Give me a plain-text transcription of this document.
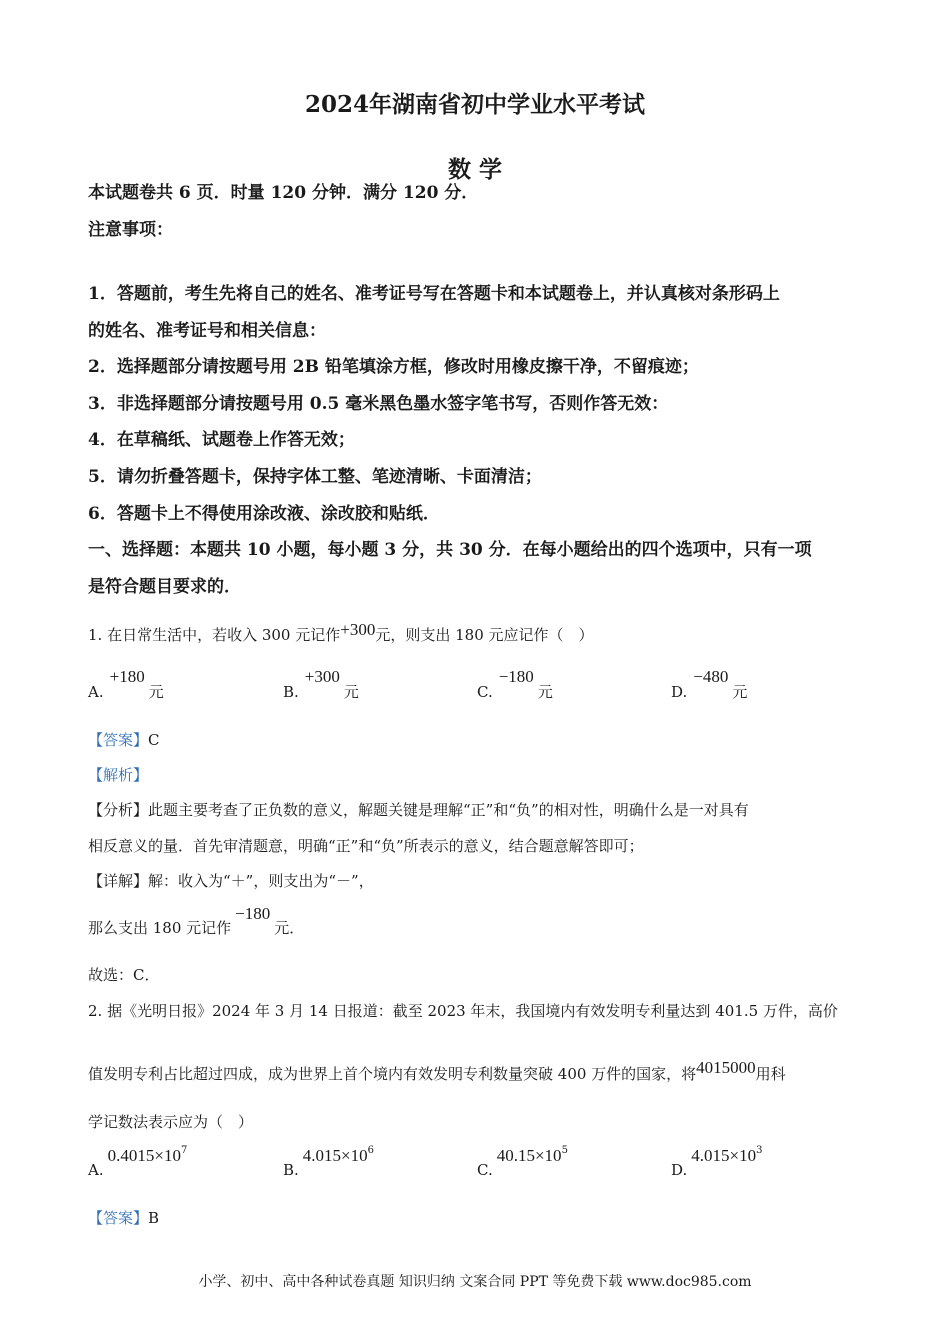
2024年湖南省初中学业水平考试
数 学
本试题卷共 6 页．时量 120 分钟．满分 120 分．
注意事项：
1．答题前，考生先将自己的姓名、准考证号写在答题卡和本试题卷上，并认真核对条形码上
的姓名、准考证号和相关信息：
2．选择题部分请按题号用 2B 铅笔填涂方框，修改时用橡皮擦干净，不留痕迹；
3．非选择题部分请按题号用 0.5 毫米黑色墨水签字笔书写，否则作答无效：
4．在草稿纸、试题卷上作答无效；
5．请勿折叠答题卡，保持字体工整、笔迹清晰、卡面清洁；
6．答题卡上不得使用涂改液、涂改胶和贴纸．
一、选择题：本题共 10 小题，每小题 3 分，共 30 分．在每小题给出的四个选项中，只有一项
是符合题目要求的．
1. 在日常生活中，若收入 300 元记作+300元，则支出 180 元应记作（　）
A.+180元	B.+300元	C.−180元	D.−480元
【答案】C
【解析】
【分析】此题主要考查了正负数的意义，解题关键是理解“正”和“负”的相对性，明确什么是一对具有
相反意义的量．首先审清题意，明确“正”和“负”所表示的意义，结合题意解答即可；
【详解】解：收入为“＋”，则支出为“－”，
那么支出 180 元记作−180元．
故选：C．
2. 据《光明日报》2024 年 3 月 14 日报道：截至 2023 年末，我国境内有效发明专利量达到 401.5 万件，高价
值发明专利占比超过四成，成为世界上首个境内有效发明专利数量突破 400 万件的国家，将4015000用科
学记数法表示应为（　）
$A.0.4015\times 10^7$
$B.4.015\times 10^6$
$C.40.15\times 10^5$
$D.4.015\times 10^3$
【答案】B
小学、初中、高中各种试卷真题 知识归纳 文案合同 PPT 等免费下载 www.doc985.com
